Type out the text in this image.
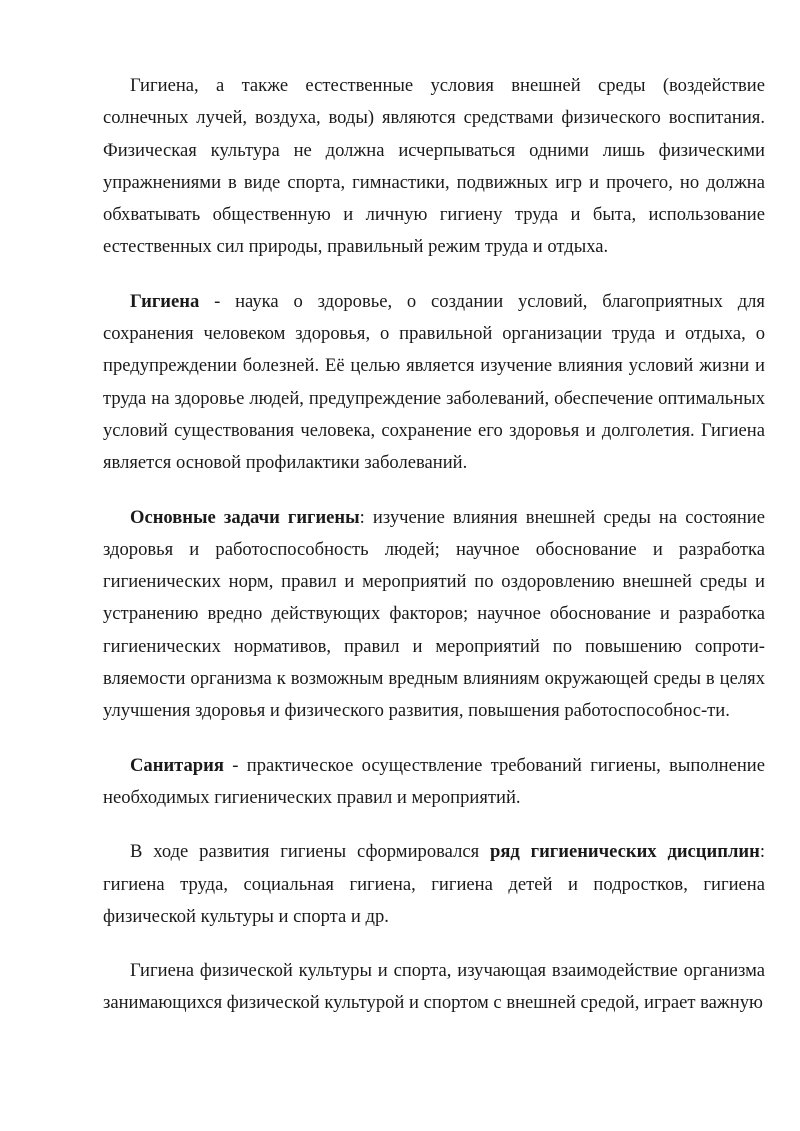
Гигиена, а также естественные условия внешней среды (воздействие солнечных лучей, воздуха, воды) являются средствами физического воспитания. Физическая культура не должна исчерпываться одними лишь физическими упражнениями в виде спорта, гимнастики, подвижных игр и прочего, но должна обхватывать общественную и личную гигиену труда и быта, использование естественных сил природы, правильный режим труда и отдыха.

Гигиена - наука о здоровье, о создании условий, благоприятных для сохранения человеком здоровья, о правильной организации труда и отдыха, о предупреждении болезней. Её целью является изучение влияния условий жизни и труда на здоровье людей, предупреждение заболеваний, обеспечение оптимальных условий существования человека, сохранение его здоровья и долголетия. Гигиена является основой профилактики заболеваний.

Основные задачи гигиены: изучение влияния внешней среды на состояние здоровья и работоспособность людей; научное обоснование и разработка гигиенических норм, правил и мероприятий по оздоровлению внешней среды и устранению вредно действующих факторов; научное обоснование и разработка гигиенических нормативов, правил и мероприятий по повышению сопротивляемости организма к возможным вредным влияниям окружающей среды в целях улучшения здоровья и физического развития, повышения работоспособнос-ти.

Санитария - практическое осуществление требований гигиены, выполнение необходимых гигиенических правил и мероприятий.

В ходе развития гигиены сформировался ряд гигиенических дисциплин: гигиена труда, социальная гигиена, гигиена детей и подростков, гигиена физической культуры и спорта и др.

Гигиена физической культуры и спорта, изучающая взаимодействие организма занимающихся физической культурой и спортом с внешней средой, играет важную
